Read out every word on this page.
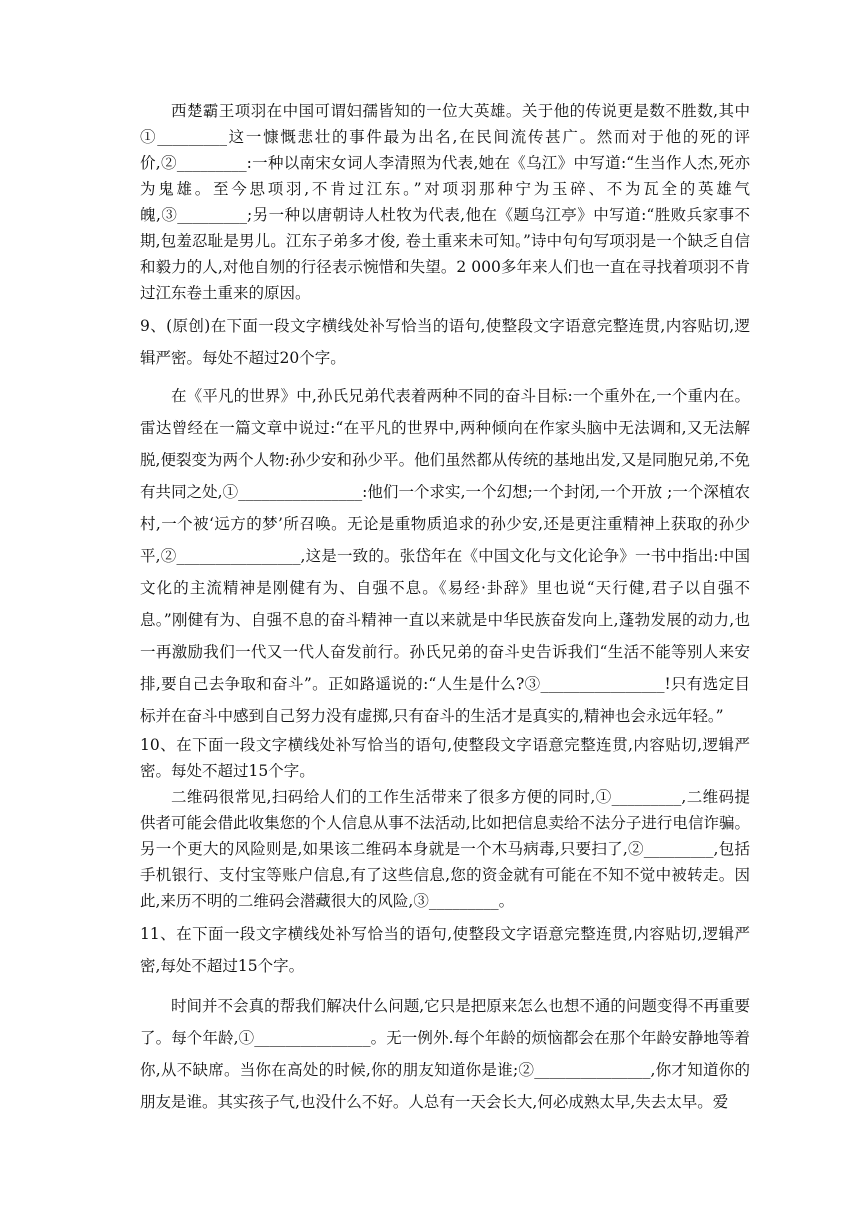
西楚霸王项羽在中国可谓妇孺皆知的一位大英雄。关于他的传说更是数不胜数,其中①_________这一慷慨悲壮的事件最为出名,在民间流传甚广。然而对于他的死的评价,②_________:一种以南宋女词人李清照为代表,她在《乌江》中写道:“生当作人杰,死亦为鬼雄。至今思项羽,不肯过江东。”对项羽那种宁为玉碎、不为瓦全的英雄气魄,③_________;另一种以唐朝诗人杜牧为代表,他在《题乌江亭》中写道:“胜败兵家事不期,包羞忍耻是男儿。江东子弟多才俊, 卷土重来未可知。”诗中句句写项羽是一个缺乏自信和毅力的人,对他自刎的行径表示惋惜和失望。2 000多年来人们也一直在寻找着项羽不肯过江东卷土重来的原因。

9、(原创)在下面一段文字横线处补写恰当的语句,使整段文字语意完整连贯,内容贴切,逻辑严密。每处不超过20个字。

在《平凡的世界》中,孙氏兄弟代表着两种不同的奋斗目标:一个重外在,一个重内在。雷达曾经在一篇文章中说过:“在平凡的世界中,两种倾向在作家头脑中无法调和,又无法解脱,便裂变为两个人物:孙少安和孙少平。他们虽然都从传统的基地出发,又是同胞兄弟,不免有共同之处,①________________:他们一个求实,一个幻想;一个封闭,一个开放 ;一个深植农村,一个被‘远方的梦’所召唤。无论是重物质追求的孙少安,还是更注重精神上获取的孙少平,②________________,这是一致的。张岱年在《中国文化与文化论争》一书中指出:中国文化的主流精神是刚健有为、自强不息。《易经·卦辞》里也说“天行健,君子以自强不息。”刚健有为、自强不息的奋斗精神一直以来就是中华民族奋发向上,蓬勃发展的动力,也一再激励我们一代又一代人奋发前行。孙氏兄弟的奋斗史告诉我们“生活不能等别人来安排,要自己去争取和奋斗”。正如路遥说的:“人生是什么?③________________!只有选定目标并在奋斗中感到自己努力没有虚掷,只有奋斗的生活才是真实的,精神也会永远年轻。”

10、在下面一段文字横线处补写恰当的语句,使整段文字语意完整连贯,内容贴切,逻辑严密。每处不超过15个字。

二维码很常见,扫码给人们的工作生活带来了很多方便的同时,①_________,二维码提供者可能会借此收集您的个人信息从事不法活动,比如把信息卖给不法分子进行电信诈骗。另一个更大的风险则是,如果该二维码本身就是一个木马病毒,只要扫了,②_________,包括手机银行、支付宝等账户信息,有了这些信息,您的资金就有可能在不知不觉中被转走。因此,来历不明的二维码会潜藏很大的风险,③_________。

11、在下面一段文字横线处补写恰当的语句,使整段文字语意完整连贯,内容贴切,逻辑严密,每处不超过15个字。

时间并不会真的帮我们解决什么问题,它只是把原来怎么也想不通的问题变得不再重要了。每个年龄,①_______________。无一例外.每个年龄的烦恼都会在那个年龄安静地等着你,从不缺席。当你在高处的时候,你的朋友知道你是谁;②_______________,你才知道你的朋友是谁。其实孩子气,也没什么不好。人总有一天会长大,何必成熟太早,失去太早。爱
